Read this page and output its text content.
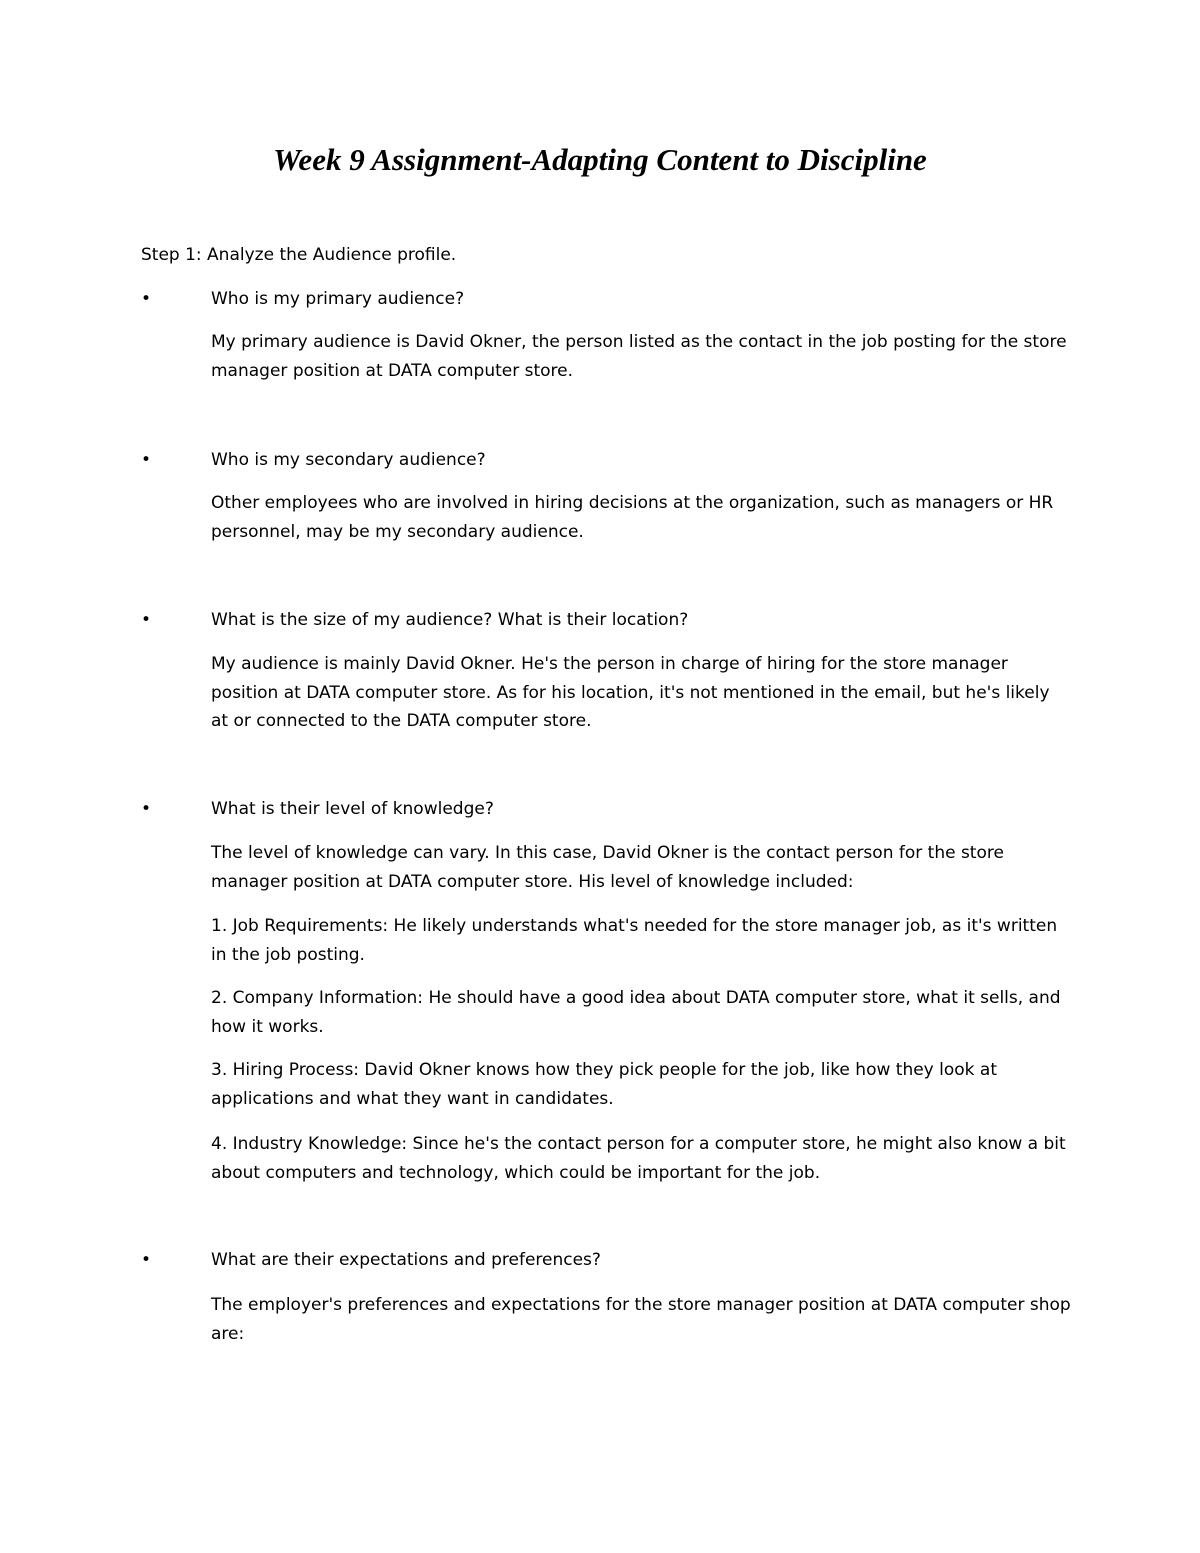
Week 9 Assignment-Adapting Content to Discipline

Step 1: Analyze the Audience profile.

•	Who is my primary audience?

My primary audience is David Okner, the person listed as the contact in the job posting for the store manager position at DATA computer store.

•	Who is my secondary audience?

Other employees who are involved in hiring decisions at the organization, such as managers or HR personnel, may be my secondary audience.

•	What is the size of my audience? What is their location?

My audience is mainly David Okner. He's the person in charge of hiring for the store manager position at DATA computer store. As for his location, it's not mentioned in the email, but he's likely at or connected to the DATA computer store.

•	What is their level of knowledge?

The level of knowledge can vary. In this case, David Okner is the contact person for the store manager position at DATA computer store. His level of knowledge included:

1. Job Requirements: He likely understands what's needed for the store manager job, as it's written in the job posting.

2. Company Information: He should have a good idea about DATA computer store, what it sells, and how it works.

3. Hiring Process: David Okner knows how they pick people for the job, like how they look at applications and what they want in candidates.

4. Industry Knowledge: Since he's the contact person for a computer store, he might also know a bit about computers and technology, which could be important for the job.

•	What are their expectations and preferences?

The employer's preferences and expectations for the store manager position at DATA computer shop are:
